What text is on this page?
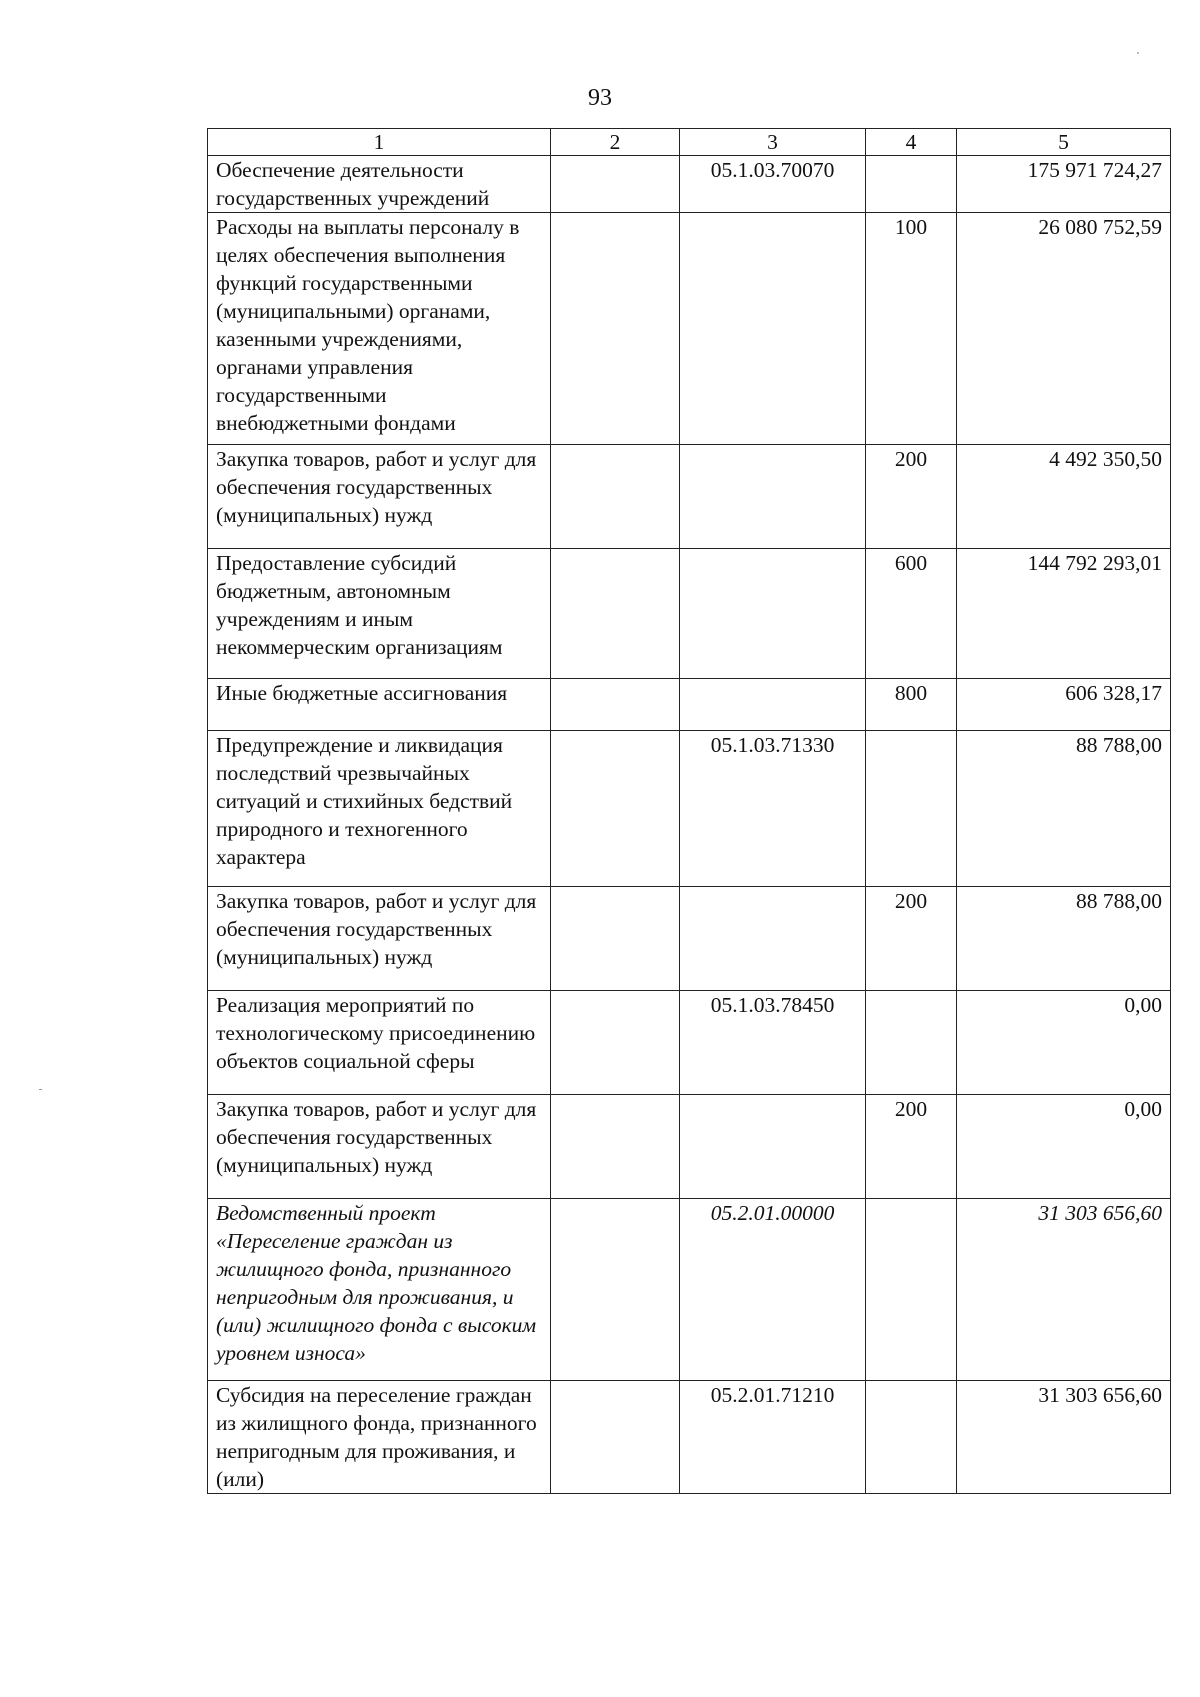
93
1	2	3	4	5
Обеспечение деятельности государственных учреждений		05.1.03.70070		175 971 724,27
Расходы на выплаты персоналу в целях обеспечения выполнения функций государственными (муниципальными) органами, казенными учреждениями, органами управления государственными внебюджетными фондами			100	26 080 752,59
Закупка товаров, работ и услуг для обеспечения государственных (муниципальных) нужд			200	4 492 350,50
Предоставление субсидий бюджетным, автономным учреждениям и иным некоммерческим организациям			600	144 792 293,01
Иные бюджетные ассигнования			800	606 328,17
Предупреждение и ликвидация последствий чрезвычайных ситуаций и стихийных бедствий природного и техногенного характера		05.1.03.71330		88 788,00
Закупка товаров, работ и услуг для обеспечения государственных (муниципальных) нужд			200	88 788,00
Реализация мероприятий по технологическому присоединению объектов социальной сферы		05.1.03.78450		0,00
Закупка товаров, работ и услуг для обеспечения государственных (муниципальных) нужд			200	0,00
Ведомственный проект «Переселение граждан из жилищного фонда, признанного непригодным для проживания, и (или) жилищного фонда с высоким уровнем износа»		05.2.01.00000		31 303 656,60
Субсидия на переселение граждан из жилищного фонда, признанного непригодным для проживания, и (или)		05.2.01.71210		31 303 656,60
